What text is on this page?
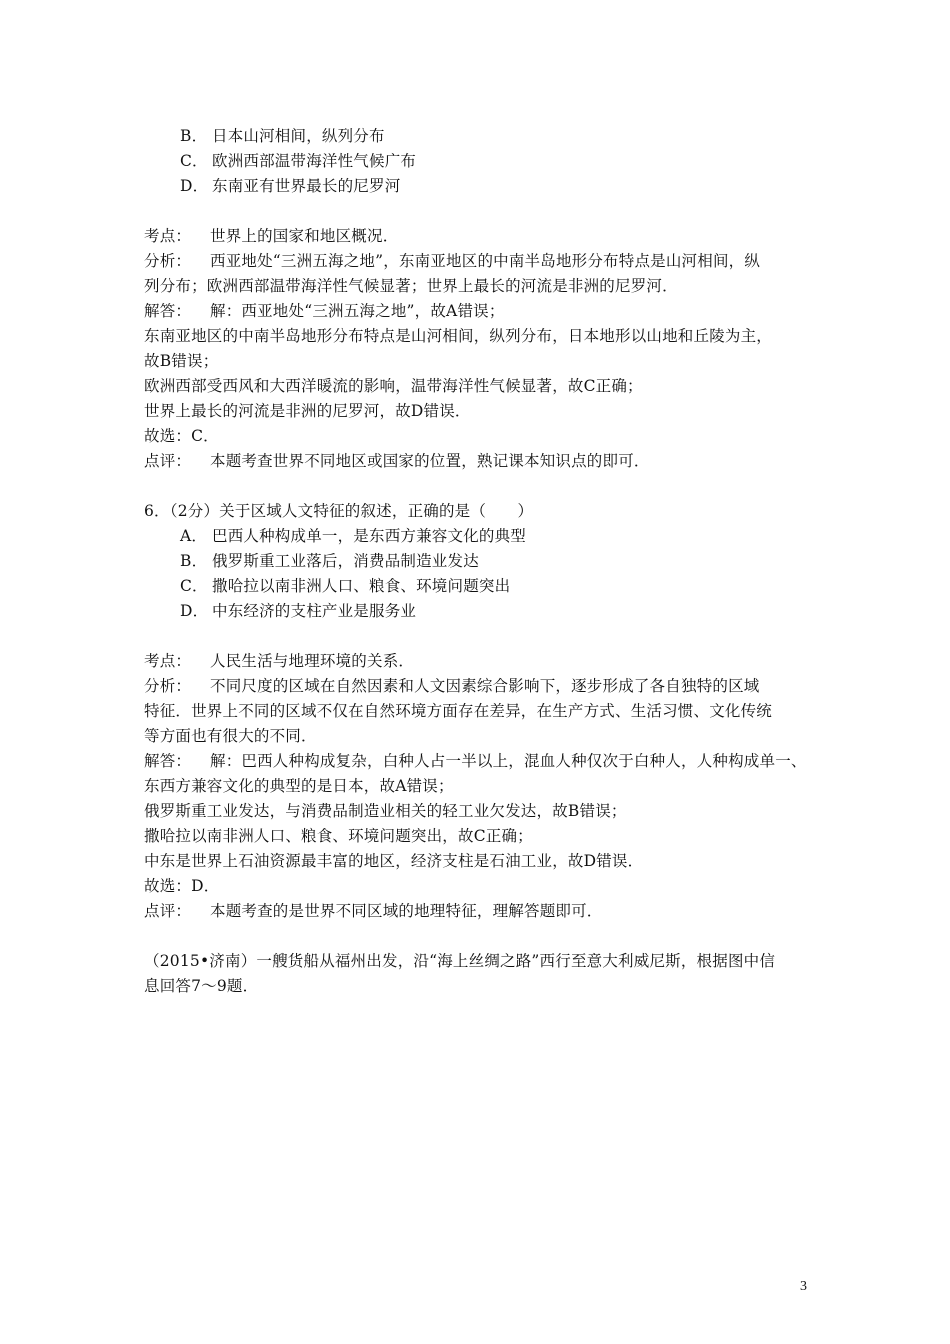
B． 日本山河相间，纵列分布
C． 欧洲西部温带海洋性气候广布
D． 东南亚有世界最长的尼罗河
考点： 世界上的国家和地区概况．
分析： 西亚地处“三洲五海之地”，东南亚地区的中南半岛地形分布特点是山河相间，纵
列分布；欧洲西部温带海洋性气候显著；世界上最长的河流是非洲的尼罗河．
解答： 解：西亚地处“三洲五海之地”，故A错误；
东南亚地区的中南半岛地形分布特点是山河相间，纵列分布，日本地形以山地和丘陵为主，
故B错误；
欧洲西部受西风和大西洋暖流的影响，温带海洋性气候显著，故C正确；
世界上最长的河流是非洲的尼罗河，故D错误．
故选：C．
点评： 本题考查世界不同地区或国家的位置，熟记课本知识点的即可．
6．（2分）关于区域人文特征的叙述，正确的是（　　）
A． 巴西人种构成单一，是东西方兼容文化的典型
B． 俄罗斯重工业落后，消费品制造业发达
C． 撒哈拉以南非洲人口、粮食、环境问题突出
D． 中东经济的支柱产业是服务业
考点： 人民生活与地理环境的关系．
分析： 不同尺度的区域在自然因素和人文因素综合影响下，逐步形成了各自独特的区域
特征．世界上不同的区域不仅在自然环境方面存在差异，在生产方式、生活习惯、文化传统
等方面也有很大的不同．
解答： 解：巴西人种构成复杂，白种人占一半以上，混血人种仅次于白种人，人种构成单一、
东西方兼容文化的典型的是日本，故A错误；
俄罗斯重工业发达，与消费品制造业相关的轻工业欠发达，故B错误；
撒哈拉以南非洲人口、粮食、环境问题突出，故C正确；
中东是世界上石油资源最丰富的地区，经济支柱是石油工业，故D错误．
故选：D．
点评： 本题考查的是世界不同区域的地理特征，理解答题即可．
（2015•济南）一艘货船从福州出发，沿“海上丝绸之路”西行至意大利威尼斯，根据图中信
息回答7～9题．
3
